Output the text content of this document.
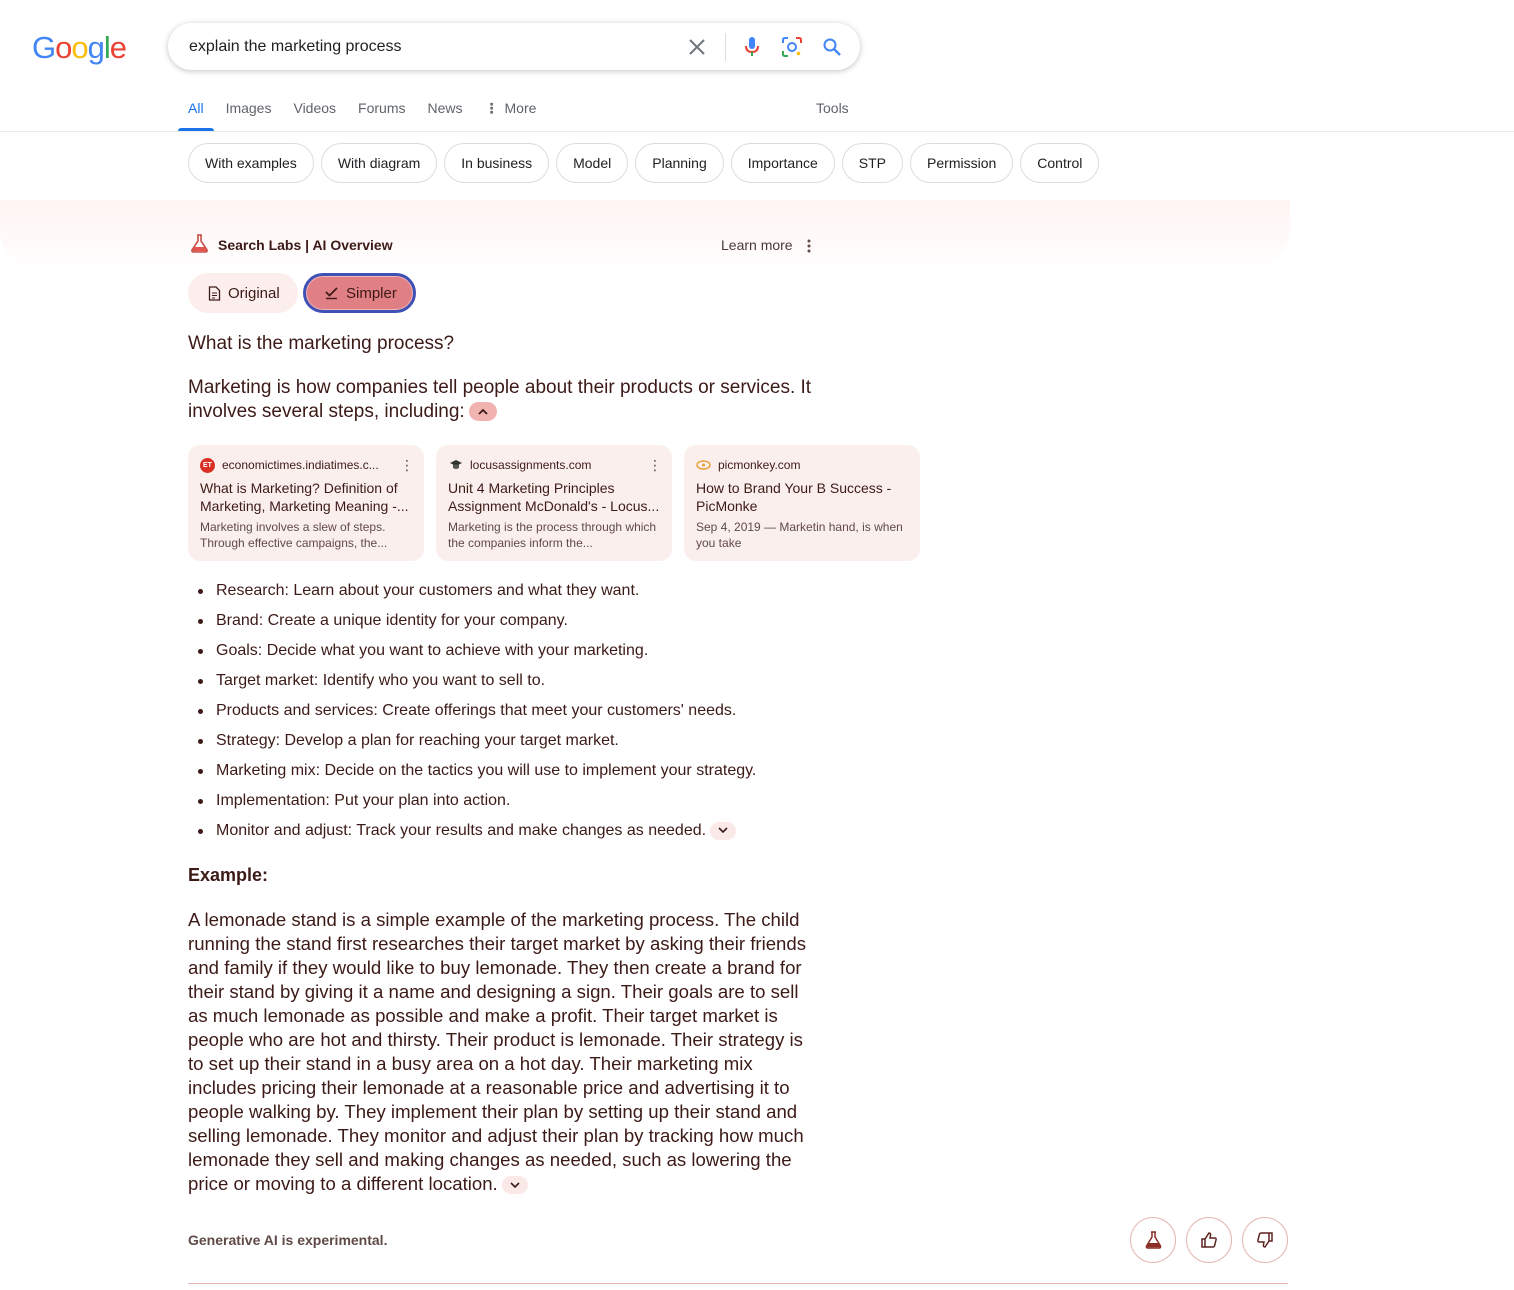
Google	explain the marketing process
All Images Videos Forums News ⋮ More	Tools
With examples	With diagram	In business	Model	Planning	Importance	STP	Permission	Control
Search Labs | AI Overview	Learn more
Original	Simpler
What is the marketing process?
Marketing is how companies tell people about their products or services. It involves several steps, including:
ET economictimes.indiatimes.c...	⋮
What is Marketing? Definition of Marketing, Marketing Meaning -...
Marketing involves a slew of steps. Through effective campaigns, the...
locusassignments.com	⋮
Unit 4 Marketing Principles Assignment McDonald's - Locus...
Marketing is the process through which the companies inform the...
picmonkey.com
How to Brand Your B Success - PicMonke
Sep 4, 2019 — Marketin hand, is when you take
Research: Learn about your customers and what they want.
Brand: Create a unique identity for your company.
Goals: Decide what you want to achieve with your marketing.
Target market: Identify who you want to sell to.
Products and services: Create offerings that meet your customers' needs.
Strategy: Develop a plan for reaching your target market.
Marketing mix: Decide on the tactics you will use to implement your strategy.
Implementation: Put your plan into action.
Monitor and adjust: Track your results and make changes as needed.
Example:
A lemonade stand is a simple example of the marketing process. The child running the stand first researches their target market by asking their friends and family if they would like to buy lemonade. They then create a brand for their stand by giving it a name and designing a sign. Their goals are to sell as much lemonade as possible and make a profit. Their target market is people who are hot and thirsty. Their product is lemonade. Their strategy is to set up their stand in a busy area on a hot day. Their marketing mix includes pricing their lemonade at a reasonable price and advertising it to people walking by. They implement their plan by setting up their stand and selling lemonade. They monitor and adjust their plan by tracking how much lemonade they sell and making changes as needed, such as lowering the price or moving to a different location.
Generative AI is experimental.
